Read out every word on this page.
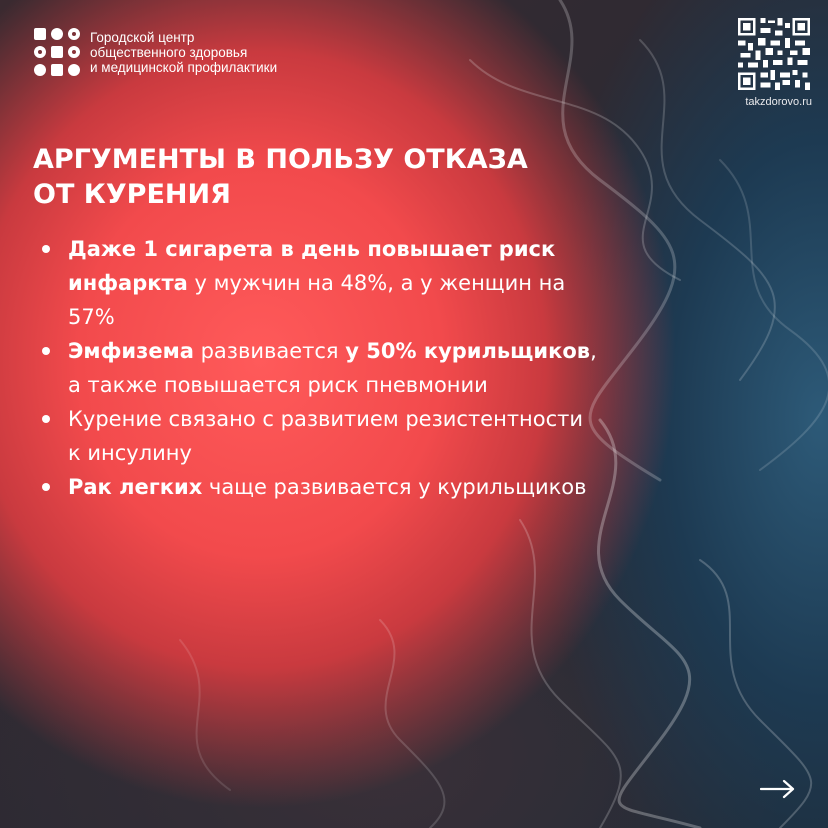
Городской центр
общественного здоровья
и медицинской профилактики
takzdorovo.ru
АРГУМЕНТЫ В ПОЛЬЗУ ОТКАЗА
ОТ КУРЕНИЯ
Даже 1 сигарета в день повышает риск инфаркта у мужчин на 48%, а у женщин на 57%
Эмфизема развивается у 50% курильщиков, а также повышается риск пневмонии
Курение связано с развитием резистентности к инсулину
Рак легких чаще развивается у курильщиков
